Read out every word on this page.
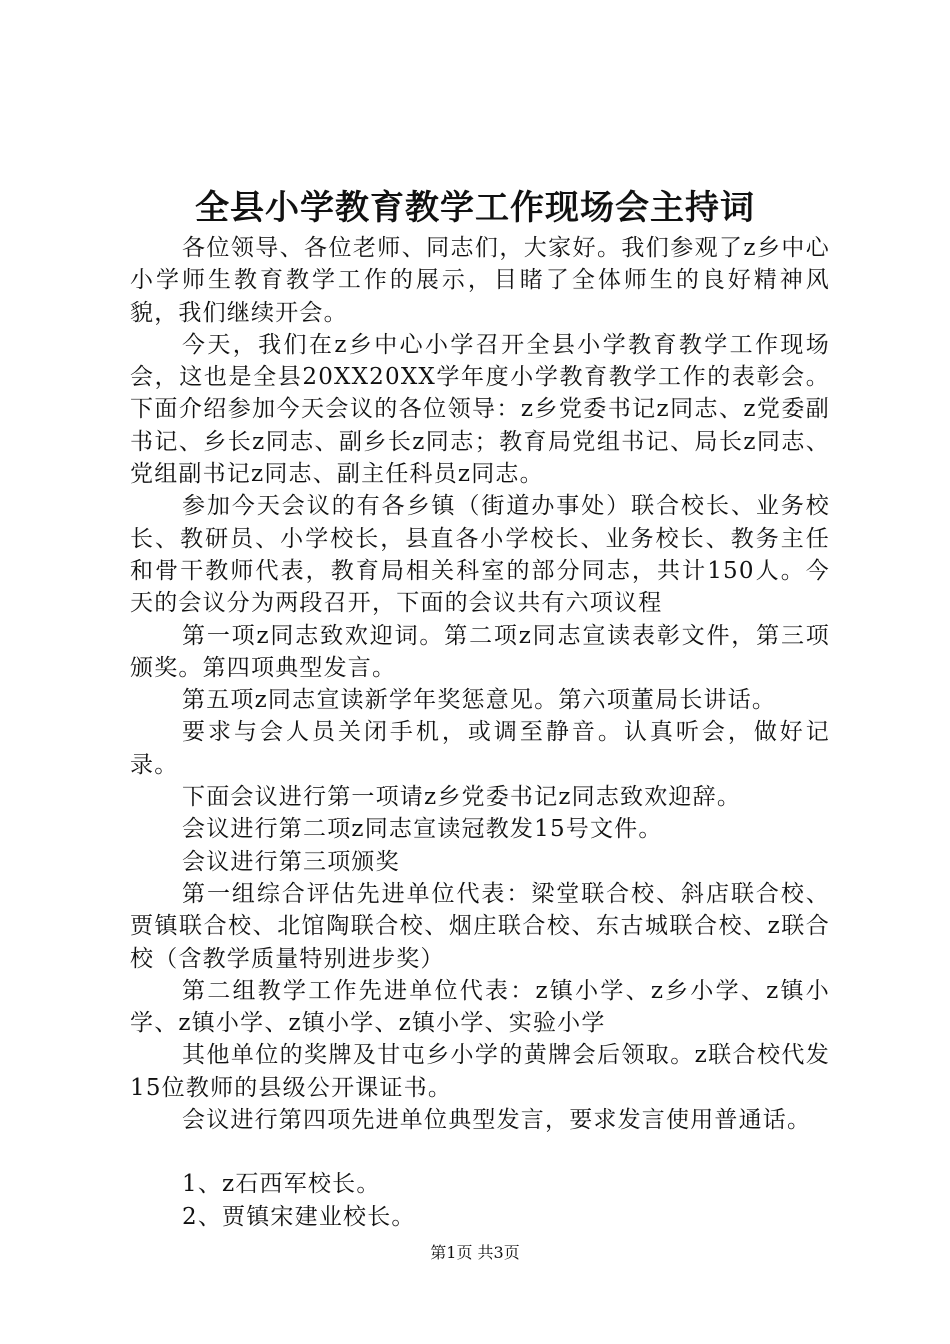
全县小学教育教学工作现场会主持词

各位领导、各位老师、同志们，大家好。我们参观了z乡中心小学师生教育教学工作的展示，目睹了全体师生的良好精神风貌，我们继续开会。

今天，我们在z乡中心小学召开全县小学教育教学工作现场会，这也是全县20XX20XX学年度小学教育教学工作的表彰会。下面介绍参加今天会议的各位领导：z乡党委书记z同志、z党委副书记、乡长z同志、副乡长z同志；教育局党组书记、局长z同志、党组副书记z同志、副主任科员z同志。

参加今天会议的有各乡镇（街道办事处）联合校长、业务校长、教研员、小学校长，县直各小学校长、业务校长、教务主任和骨干教师代表，教育局相关科室的部分同志，共计150人。今天的会议分为两段召开，下面的会议共有六项议程

第一项z同志致欢迎词。第二项z同志宣读表彰文件，第三项颁奖。第四项典型发言。

第五项z同志宣读新学年奖惩意见。第六项董局长讲话。

要求与会人员关闭手机，或调至静音。认真听会，做好记录。

下面会议进行第一项请z乡党委书记z同志致欢迎辞。

会议进行第二项z同志宣读冠教发15号文件。

会议进行第三项颁奖

第一组综合评估先进单位代表：梁堂联合校、斜店联合校、贾镇联合校、北馆陶联合校、烟庄联合校、东古城联合校、z联合校（含教学质量特别进步奖）

第二组教学工作先进单位代表：z镇小学、z乡小学、z镇小学、z镇小学、z镇小学、z镇小学、实验小学

其他单位的奖牌及甘屯乡小学的黄牌会后领取。z联合校代发15位教师的县级公开课证书。

会议进行第四项先进单位典型发言，要求发言使用普通话。

1、z石西军校长。

2、贾镇宋建业校长。

第1页 共3页
